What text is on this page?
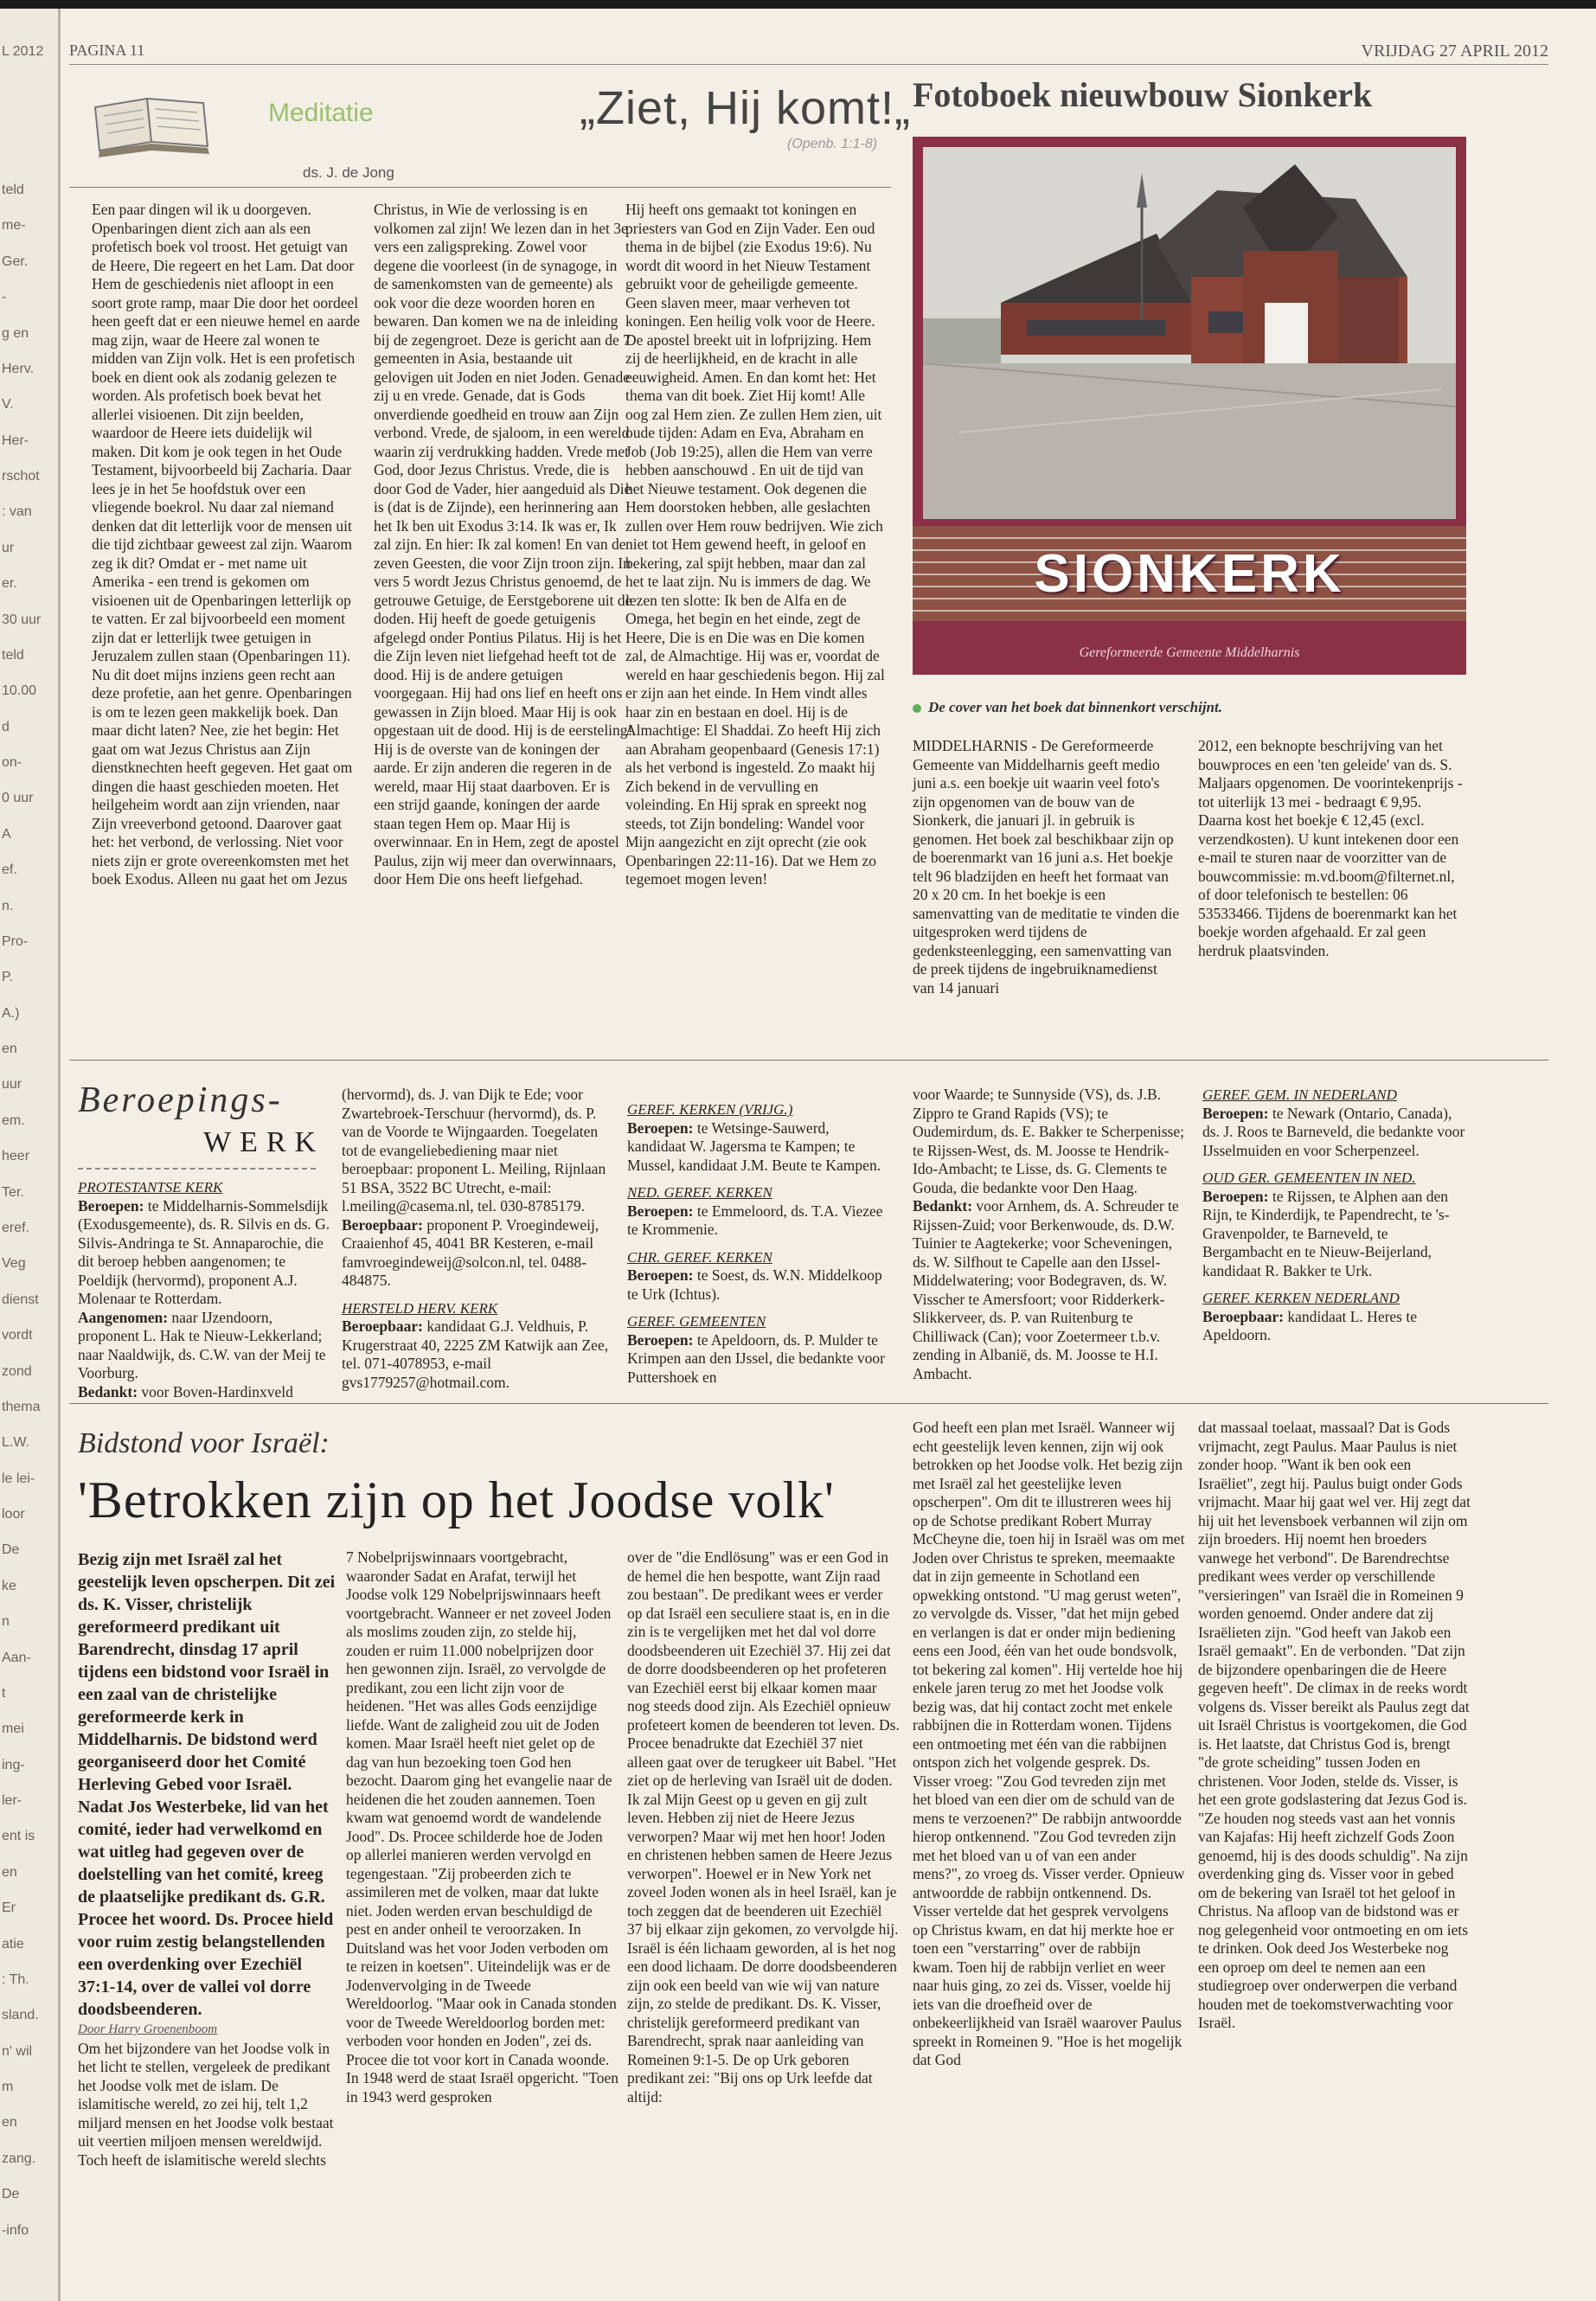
L 2012
teld
me-
Ger.
-
g en
Herv.
V.
Her-
rschot
: van
ur
er.
30 uur
teld
10.00
d
on-
0 uur
A
ef.
n.
Pro-
P.
A.)
en
uur
em.
heer
Ter.
eref.
Veg
dienst
vordt
zond
thema
L.W.
le lei-
loor
De
ke
n
Aan-
t
mei
ing-
ler-
ent is
en
Er
atie
: Th.
sland.
n' wil
m
en
zang.
De
-info
PAGINA 11	VRIJDAG 27 APRIL 2012
Meditatie	„Ziet, Hij komt!„
(Openb. 1:1-8)
ds. J. de Jong
Een paar dingen wil ik u doorgeven. Openbaringen dient zich aan als een profetisch boek vol troost. Het getuigt van de Heere, Die regeert en het Lam. Dat door Hem de geschiedenis niet afloopt in een soort grote ramp, maar Die door het oordeel heen geeft dat er een nieuwe hemel en aarde mag zijn, waar de Heere zal wonen te midden van Zijn volk. Het is een profetisch boek en dient ook als zodanig gelezen te worden. Als profetisch boek bevat het allerlei visioenen. Dit zijn beelden, waardoor de Heere iets duidelijk wil maken. Dit kom je ook tegen in het Oude Testament, bijvoorbeeld bij Zacharia. Daar lees je in het 5e hoofdstuk over een vliegende boekrol. Nu daar zal niemand denken dat dit letterlijk voor de mensen uit die tijd zichtbaar geweest zal zijn. Waarom zeg ik dit? Omdat er - met name uit Amerika - een trend is gekomen om visioenen uit de Openbaringen letterlijk op te vatten. Er zal bijvoorbeeld een moment zijn dat er letterlijk twee getuigen in Jeruzalem zullen staan (Openbaringen 11). Nu dit doet mijns inziens geen recht aan deze profetie, aan het genre. Openbaringen is om te lezen geen makkelijk boek. Dan maar dicht laten? Nee, zie het begin: Het gaat om wat Jezus Christus aan Zijn dienstknechten heeft gegeven. Het gaat om dingen die haast geschieden moeten. Het heilgeheim wordt aan zijn vrienden, naar Zijn vreeverbond getoond. Daarover gaat het: het verbond, de verlossing. Niet voor niets zijn er grote overeenkomsten met het boek Exodus. Alleen nu gaat het om Jezus
Christus, in Wie de verlossing is en volkomen zal zijn! We lezen dan in het 3e vers een zaligspreking. Zowel voor degene die voorleest (in de synagoge, in de samenkomsten van de gemeente) als ook voor die deze woorden horen en bewaren. Dan komen we na de inleiding bij de zegengroet. Deze is gericht aan de 7 gemeenten in Asia, bestaande uit gelovigen uit Joden en niet Joden. Genade zij u en vrede. Genade, dat is Gods onverdiende goedheid en trouw aan Zijn verbond. Vrede, de sjaloom, in een wereld waarin zij verdrukking hadden. Vrede met God, door Jezus Christus. Vrede, die is door God de Vader, hier aangeduid als Die is (dat is de Zijnde), een herinnering aan het Ik ben uit Exodus 3:14. Ik was er, Ik zal zijn. En hier: Ik zal komen! En van de zeven Geesten, die voor Zijn troon zijn. In vers 5 wordt Jezus Christus genoemd, de getrouwe Getuige, de Eerstgeborene uit de doden. Hij heeft de goede getuigenis afgelegd onder Pontius Pilatus. Hij is het die Zijn leven niet liefgehad heeft tot de dood. Hij is de andere getuigen voorgegaan. Hij had ons lief en heeft ons gewassen in Zijn bloed. Maar Hij is ook opgestaan uit de dood. Hij is de eersteling! Hij is de overste van de koningen der aarde. Er zijn anderen die regeren in de wereld, maar Hij staat daarboven. Er is een strijd gaande, koningen der aarde staan tegen Hem op. Maar Hij is overwinnaar. En in Hem, zegt de apostel Paulus, zijn wij meer dan overwinnaars, door Hem Die ons heeft liefgehad.
Hij heeft ons gemaakt tot koningen en priesters van God en Zijn Vader. Een oud thema in de bijbel (zie Exodus 19:6). Nu wordt dit woord in het Nieuw Testament gebruikt voor de geheiligde gemeente. Geen slaven meer, maar verheven tot koningen. Een heilig volk voor de Heere. De apostel breekt uit in lofprijzing. Hem zij de heerlijkheid, en de kracht in alle eeuwigheid. Amen. En dan komt het: Het thema van dit boek. Ziet Hij komt! Alle oog zal Hem zien. Ze zullen Hem zien, uit oude tijden: Adam en Eva, Abraham en Job (Job 19:25), allen die Hem van verre hebben aanschouwd . En uit de tijd van het Nieuwe testament. Ook degenen die Hem doorstoken hebben, alle geslachten zullen over Hem rouw bedrijven. Wie zich niet tot Hem gewend heeft, in geloof en bekering, zal spijt hebben, maar dan zal het te laat zijn. Nu is immers de dag. We lezen ten slotte: Ik ben de Alfa en de Omega, het begin en het einde, zegt de Heere, Die is en Die was en Die komen zal, de Almachtige. Hij was er, voordat de wereld en haar geschiedenis begon. Hij zal er zijn aan het einde. In Hem vindt alles haar zin en bestaan en doel. Hij is de Almachtige: El Shaddai. Zo heeft Hij zich aan Abraham geopenbaard (Genesis 17:1) als het verbond is ingesteld. Zo maakt hij Zich bekend in de vervulling en voleinding. En Hij sprak en spreekt nog steeds, tot Zijn bondeling: Wandel voor Mijn aangezicht en zijt oprecht (zie ook Openbaringen 22:11-16). Dat we Hem zo tegemoet mogen leven!
Fotoboek nieuwbouw Sionkerk
SIONKERK
Gereformeerde Gemeente Middelharnis
De cover van het boek dat binnenkort verschijnt.
MIDDELHARNIS - De Gereformeerde Gemeente van Middelharnis geeft medio juni a.s. een boekje uit waarin veel foto's zijn opgenomen van de bouw van de Sionkerk, die januari jl. in gebruik is genomen. Het boek zal beschikbaar zijn op de boerenmarkt van 16 juni a.s. Het boekje telt 96 bladzijden en heeft het formaat van 20 x 20 cm. In het boekje is een samenvatting van de meditatie te vinden die uitgesproken werd tijdens de gedenksteenlegging, een samenvatting van de preek tijdens de ingebruiknamedienst van 14 januari
2012, een beknopte beschrijving van het bouwproces en een 'ten geleide' van ds. S. Maljaars opgenomen. De voorintekenprijs - tot uiterlijk 13 mei - bedraagt € 9,95. Daarna kost het boekje € 12,45 (excl. verzendkosten). U kunt intekenen door een e-mail te sturen naar de voorzitter van de bouwcommissie: m.vd.boom@filternet.nl, of door telefonisch te bestellen: 06 53533466. Tijdens de boerenmarkt kan het boekje worden afgehaald. Er zal geen herdruk plaatsvinden.
Beroepings-
WERK

PROTESTANTSE KERK

Beroepen: te Middelharnis-Sommelsdijk (Exodusgemeente), ds. R. Silvis en ds. G. Silvis-Andringa te St. Annaparochie, die dit beroep hebben aangenomen; te Poeldijk (hervormd), proponent A.J. Molenaar te Rotterdam.

Aangenomen: naar IJzendoorn, proponent L. Hak te Nieuw-Lekkerland; naar Naaldwijk, ds. C.W. van der Meij te Voorburg.

Bedankt: voor Boven-Hardinxveld

(hervormd), ds. J. van Dijk te Ede; voor Zwartebroek-Terschuur (hervormd), ds. P. van de Voorde te Wijngaarden. Toegelaten tot de evangeliebediening maar niet beroepbaar: proponent L. Meiling, Rijnlaan 51 BSA, 3522 BC Utrecht, e-mail: l.meiling@casema.nl, tel. 030-8785179.

Beroepbaar: proponent P. Vroegindeweij, Craaienhof 45, 4041 BR Kesteren, e-mail famvroegindeweij@solcon.nl, tel. 0488-484875.

HERSTELD HERV. KERK

Beroepbaar: kandidaat G.J. Veldhuis, P. Krugerstraat 40, 2225 ZM Katwijk aan Zee, tel. 071-4078953, e-mail gvs1779257@hotmail.com.

GEREF. KERKEN (VRIJG.)

Beroepen: te Wetsinge-Sauwerd, kandidaat W. Jagersma te Kampen; te Mussel, kandidaat J.M. Beute te Kampen.

NED. GEREF. KERKEN

Beroepen: te Emmeloord, ds. T.A. Viezee te Krommenie.

CHR. GEREF. KERKEN

Beroepen: te Soest, ds. W.N. Middelkoop te Urk (Ichtus).

GEREF. GEMEENTEN

Beroepen: te Apeldoorn, ds. P. Mulder te Krimpen aan den IJssel, die bedankte voor Puttershoek en

voor Waarde; te Sunnyside (VS), ds. J.B. Zippro te Grand Rapids (VS); te Oudemirdum, ds. E. Bakker te Scherpenisse; te Rijssen-West, ds. M. Joosse te Hendrik-Ido-Ambacht; te Lisse, ds. G. Clements te Gouda, die bedankte voor Den Haag.

Bedankt: voor Arnhem, ds. A. Schreuder te Rijssen-Zuid; voor Berkenwoude, ds. D.W. Tuinier te Aagtekerke; voor Scheveningen, ds. W. Silfhout te Capelle aan den IJssel-Middelwatering; voor Bodegraven, ds. W. Visscher te Amersfoort; voor Ridderkerk-Slikkerveer, ds. P. van Ruitenburg te Chilliwack (Can); voor Zoetermeer t.b.v. zending in Albanië, ds. M. Joosse te H.I. Ambacht.

GEREF. GEM. IN NEDERLAND

Beroepen: te Newark (Ontario, Canada), ds. J. Roos te Barneveld, die bedankte voor IJsselmuiden en voor Scherpenzeel.

OUD GER. GEMEENTEN IN NED.

Beroepen: te Rijssen, te Alphen aan den Rijn, te Kinderdijk, te Papendrecht, te 's-Gravenpolder, te Barneveld, te Bergambacht en te Nieuw-Beijerland, kandidaat R. Bakker te Urk.

GEREF. KERKEN NEDERLAND

Beroepbaar: kandidaat L. Heres te Apeldoorn.

Bidstond voor Israël:
'Betrokken zijn op het Joodse volk'

Bezig zijn met Israël zal het geestelijk leven opscherpen. Dit zei ds. K. Visser, christelijk gereformeerd predikant uit Barendrecht, dinsdag 17 april tijdens een bidstond voor Israël in een zaal van de christelijke gereformeerde kerk in Middelharnis. De bidstond werd georganiseerd door het Comité Herleving Gebed voor Israël. Nadat Jos Westerbeke, lid van het comité, ieder had verwelkomd en wat uitleg had gegeven over de doelstelling van het comité, kreeg de plaatselijke predikant ds. G.R. Procee het woord. Ds. Procee hield voor ruim zestig belangstellenden een overdenking over Ezechiël 37:1-14, over de vallei vol dorre doodsbeenderen.

Door Harry Groenenboom

Om het bijzondere van het Joodse volk in het licht te stellen, vergeleek de predikant het Joodse volk met de islam. De islamitische wereld, zo zei hij, telt 1,2 miljard mensen en het Joodse volk bestaat uit veertien miljoen mensen wereldwijd. Toch heeft de islamitische wereld slechts

7 Nobelprijswinnaars voortgebracht, waaronder Sadat en Arafat, terwijl het Joodse volk 129 Nobelprijswinnaars heeft voortgebracht. Wanneer er net zoveel Joden als moslims zouden zijn, zo stelde hij, zouden er ruim 11.000 nobelprijzen door hen gewonnen zijn. Israël, zo vervolgde de predikant, zou een licht zijn voor de heidenen. "Het was alles Gods eenzijdige liefde. Want de zaligheid zou uit de Joden komen. Maar Israël heeft niet gelet op de dag van hun bezoeking toen God hen bezocht. Daarom ging het evangelie naar de heidenen die het zouden aannemen. Toen kwam wat genoemd wordt de wandelende Jood". Ds. Procee schilderde hoe de Joden op allerlei manieren werden vervolgd en tegengestaan. "Zij probeerden zich te assimileren met de volken, maar dat lukte niet. Joden werden ervan beschuldigd de pest en ander onheil te veroorzaken. In Duitsland was het voor Joden verboden om te reizen in koetsen". Uiteindelijk was er de Jodenvervolging in de Tweede Wereldoorlog. "Maar ook in Canada stonden voor de Tweede Wereldoorlog borden met: verboden voor honden en Joden", zei ds. Procee die tot voor kort in Canada woonde. In 1948 werd de staat Israël opgericht. "Toen in 1943 werd gesproken
over de "die Endlösung" was er een God in de hemel die hen bespotte, want Zijn raad zou bestaan". De predikant wees er verder op dat Israël een seculiere staat is, en in die zin is te vergelijken met het dal vol dorre doodsbeenderen uit Ezechiël 37. Hij zei dat de dorre doodsbeenderen op het profeteren van Ezechiël eerst bij elkaar komen maar nog steeds dood zijn. Als Ezechiël opnieuw profeteert komen de beenderen tot leven. Ds. Procee benadrukte dat Ezechiël 37 niet alleen gaat over de terugkeer uit Babel. "Het ziet op de herleving van Israël uit de doden. Ik zal Mijn Geest op u geven en gij zult leven. Hebben zij niet de Heere Jezus verworpen? Maar wij met hen hoor! Joden en christenen hebben samen de Heere Jezus verworpen". Hoewel er in New York net zoveel Joden wonen als in heel Israël, kan je toch zeggen dat de beenderen uit Ezechiël 37 bij elkaar zijn gekomen, zo vervolgde hij. Israël is één lichaam geworden, al is het nog een dood lichaam. De dorre doodsbeenderen zijn ook een beeld van wie wij van nature zijn, zo stelde de predikant. Ds. K. Visser, christelijk gereformeerd predikant van Barendrecht, sprak naar aanleiding van Romeinen 9:1-5. De op Urk geboren predikant zei: "Bij ons op Urk leefde dat altijd:
God heeft een plan met Israël. Wanneer wij echt geestelijk leven kennen, zijn wij ook betrokken op het Joodse volk. Het bezig zijn met Israël zal het geestelijke leven opscherpen". Om dit te illustreren wees hij op de Schotse predikant Robert Murray McCheyne die, toen hij in Israël was om met Joden over Christus te spreken, meemaakte dat in zijn gemeente in Schotland een opwekking ontstond. "U mag gerust weten", zo vervolgde ds. Visser, "dat het mijn gebed en verlangen is dat er onder mijn bediening eens een Jood, één van het oude bondsvolk, tot bekering zal komen". Hij vertelde hoe hij enkele jaren terug zo met het Joodse volk bezig was, dat hij contact zocht met enkele rabbijnen die in Rotterdam wonen. Tijdens een ontmoeting met één van die rabbijnen ontspon zich het volgende gesprek. Ds. Visser vroeg: "Zou God tevreden zijn met het bloed van een dier om de schuld van de mens te verzoenen?" De rabbijn antwoordde hierop ontkennend. "Zou God tevreden zijn met het bloed van u of van een ander mens?", zo vroeg ds. Visser verder. Opnieuw antwoordde de rabbijn ontkennend. Ds. Visser vertelde dat het gesprek vervolgens op Christus kwam, en dat hij merkte hoe er toen een "verstarring" over de rabbijn kwam. Toen hij de rabbijn verliet en weer naar huis ging, zo zei ds. Visser, voelde hij iets van die droefheid over de onbekeerlijkheid van Israël waarover Paulus spreekt in Romeinen 9. "Hoe is het mogelijk dat God
dat massaal toelaat, massaal? Dat is Gods vrijmacht, zegt Paulus. Maar Paulus is niet zonder hoop. "Want ik ben ook een Israëliet", zegt hij. Paulus buigt onder Gods vrijmacht. Maar hij gaat wel ver. Hij zegt dat hij uit het levensboek verbannen wil zijn om zijn broeders. Hij noemt hen broeders vanwege het verbond". De Barendrechtse predikant wees verder op verschillende "versieringen" van Israël die in Romeinen 9 worden genoemd. Onder andere dat zij Israëlieten zijn. "God heeft van Jakob een Israël gemaakt". En de verbonden. "Dat zijn de bijzondere openbaringen die de Heere gegeven heeft". De climax in de reeks wordt volgens ds. Visser bereikt als Paulus zegt dat uit Israël Christus is voortgekomen, die God is. Het laatste, dat Christus God is, brengt "de grote scheiding" tussen Joden en christenen. Voor Joden, stelde ds. Visser, is het een grote godslastering dat Jezus God is. "Ze houden nog steeds vast aan het vonnis van Kajafas: Hij heeft zichzelf Gods Zoon genoemd, hij is des doods schuldig". Na zijn overdenking ging ds. Visser voor in gebed om de bekering van Israël tot het geloof in Christus. Na afloop van de bidstond was er nog gelegenheid voor ontmoeting en om iets te drinken. Ook deed Jos Westerbeke nog een oproep om deel te nemen aan een studiegroep over onderwerpen die verband houden met de toekomstverwachting voor Israël.
